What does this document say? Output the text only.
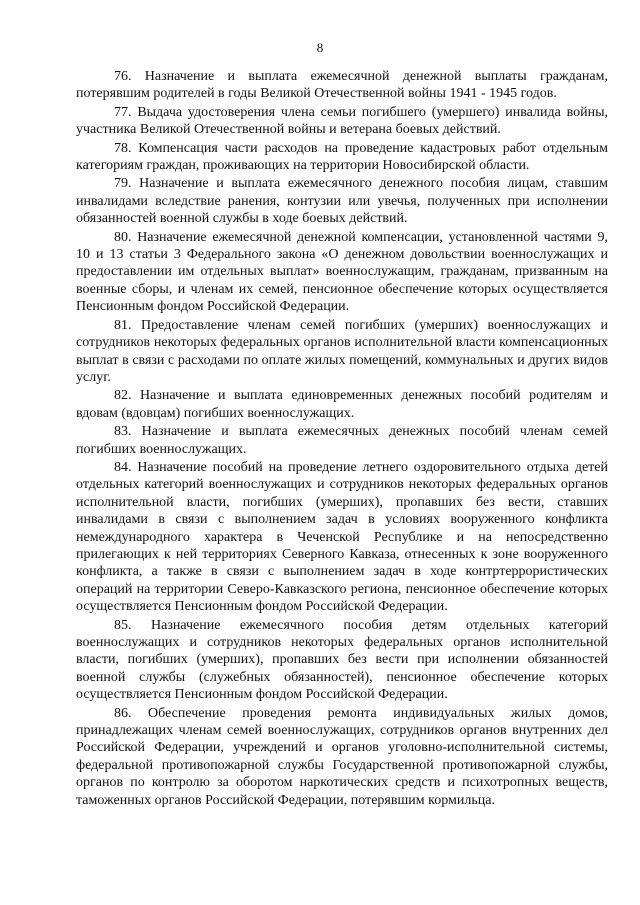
8

76. Назначение и выплата ежемесячной денежной выплаты гражданам, потерявшим родителей в годы Великой Отечественной войны 1941 - 1945 годов.

77. Выдача удостоверения члена семьи погибшего (умершего) инвалида войны, участника Великой Отечественной войны и ветерана боевых действий.

78. Компенсация части расходов на проведение кадастровых работ отдельным категориям граждан, проживающих на территории Новосибирской области.

79. Назначение и выплата ежемесячного денежного пособия лицам, ставшим инвалидами вследствие ранения, контузии или увечья, полученных при исполнении обязанностей военной службы в ходе боевых действий.

80. Назначение ежемесячной денежной компенсации, установленной частями 9, 10 и 13 статьи 3 Федерального закона «О денежном довольствии военнослужащих и предоставлении им отдельных выплат» военнослужащим, гражданам, призванным на военные сборы, и членам их семей, пенсионное обеспечение которых осуществляется Пенсионным фондом Российской Федерации.

81. Предоставление членам семей погибших (умерших) военнослужащих и сотрудников некоторых федеральных органов исполнительной власти компенсационных выплат в связи с расходами по оплате жилых помещений, коммунальных и других видов услуг.

82. Назначение и выплата единовременных денежных пособий родителям и вдовам (вдовцам) погибших военнослужащих.

83. Назначение и выплата ежемесячных денежных пособий членам семей погибших военнослужащих.

84. Назначение пособий на проведение летнего оздоровительного отдыха детей отдельных категорий военнослужащих и сотрудников некоторых федеральных органов исполнительной власти, погибших (умерших), пропавших без вести, ставших инвалидами в связи с выполнением задач в условиях вооруженного конфликта немеждународного характера в Чеченской Республике и на непосредственно прилегающих к ней территориях Северного Кавказа, отнесенных к зоне вооруженного конфликта, а также в связи с выполнением задач в ходе контртеррористических операций на территории Северо-Кавказского региона, пенсионное обеспечение которых осуществляется Пенсионным фондом Российской Федерации.

85. Назначение ежемесячного пособия детям отдельных категорий военнослужащих и сотрудников некоторых федеральных органов исполнительной власти, погибших (умерших), пропавших без вести при исполнении обязанностей военной службы (служебных обязанностей), пенсионное обеспечение которых осуществляется Пенсионным фондом Российской Федерации.

86. Обеспечение проведения ремонта индивидуальных жилых домов, принадлежащих членам семей военнослужащих, сотрудников органов внутренних дел Российской Федерации, учреждений и органов уголовно-исполнительной системы, федеральной противопожарной службы Государственной противопожарной службы, органов по контролю за оборотом наркотических средств и психотропных веществ, таможенных органов Российской Федерации, потерявшим кормильца.
